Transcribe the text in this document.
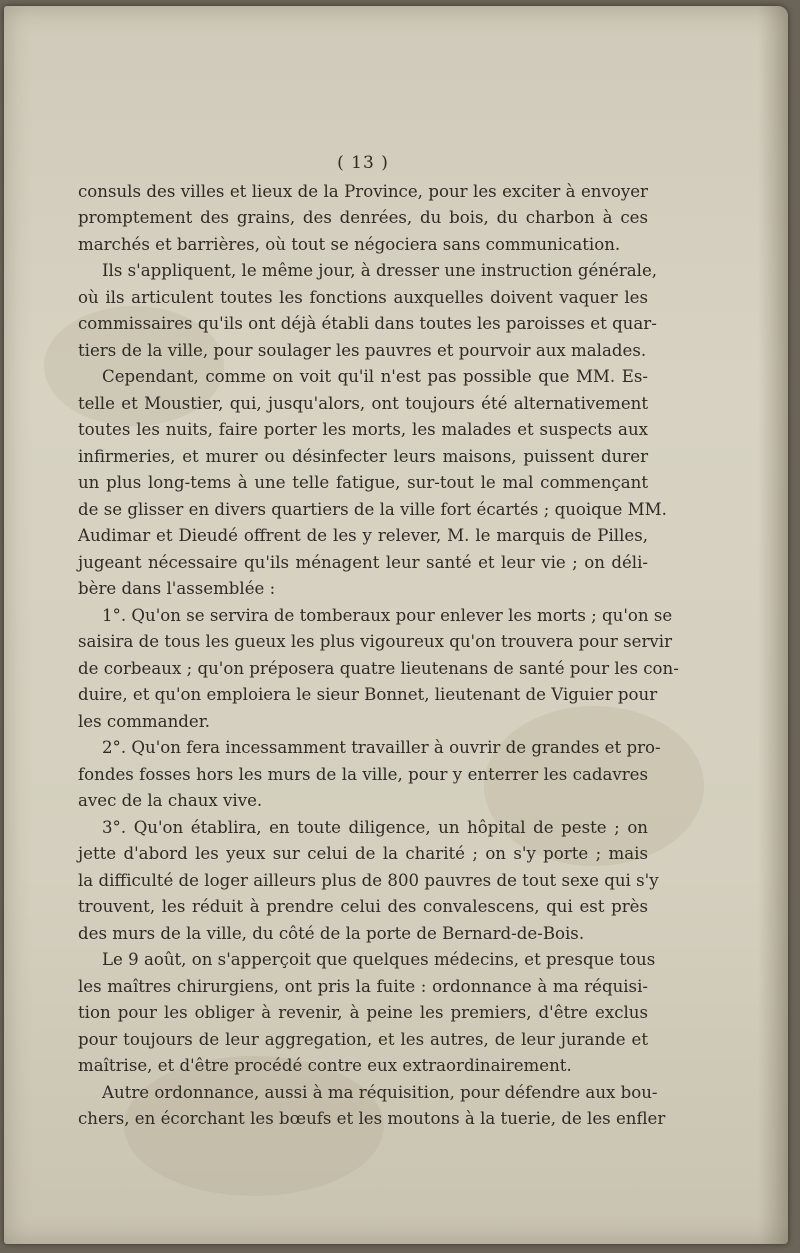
( 13 )
consuls des villes et lieux de la Province, pour les exciter à envoyer
promptement des grains, des denrées, du bois, du charbon à ces
marchés et barrières, où tout se négociera sans communication.
Ils s'appliquent, le même jour, à dresser une instruction générale,
où ils articulent toutes les fonctions auxquelles doivent vaquer les
commissaires qu'ils ont déjà établi dans toutes les paroisses et quar-
tiers de la ville, pour soulager les pauvres et pourvoir aux malades.
Cependant, comme on voit qu'il n'est pas possible que MM. Es-
telle et Moustier, qui, jusqu'alors, ont toujours été alternativement
toutes les nuits, faire porter les morts, les malades et suspects aux
infirmeries, et murer ou désinfecter leurs maisons, puissent durer
un plus long-tems à une telle fatigue, sur-tout le mal commençant
de se glisser en divers quartiers de la ville fort écartés ; quoique MM.
Audimar et Dieudé offrent de les y relever, M. le marquis de Pilles,
jugeant nécessaire qu'ils ménagent leur santé et leur vie ; on déli-
bère dans l'assemblée :
1°. Qu'on se servira de tomberaux pour enlever les morts ; qu'on se
saisira de tous les gueux les plus vigoureux qu'on trouvera pour servir
de corbeaux ; qu'on préposera quatre lieutenans de santé pour les con-
duire, et qu'on emploiera le sieur Bonnet, lieutenant de Viguier pour
les commander.
2°. Qu'on fera incessamment travailler à ouvrir de grandes et pro-
fondes fosses hors les murs de la ville, pour y enterrer les cadavres
avec de la chaux vive.
3°. Qu'on établira, en toute diligence, un hôpital de peste ; on
jette d'abord les yeux sur celui de la charité ; on s'y porte ; mais
la difficulté de loger ailleurs plus de 800 pauvres de tout sexe qui s'y
trouvent, les réduit à prendre celui des convalescens, qui est près
des murs de la ville, du côté de la porte de Bernard-de-Bois.
Le 9 août, on s'apperçoit que quelques médecins, et presque tous
les maîtres chirurgiens, ont pris la fuite : ordonnance à ma réquisi-
tion pour les obliger à revenir, à peine les premiers, d'être exclus
pour toujours de leur aggregation, et les autres, de leur jurande et
maîtrise, et d'être procédé contre eux extraordinairement.
Autre ordonnance, aussi à ma réquisition, pour défendre aux bou-
chers, en écorchant les bœufs et les moutons à la tuerie, de les enfler
